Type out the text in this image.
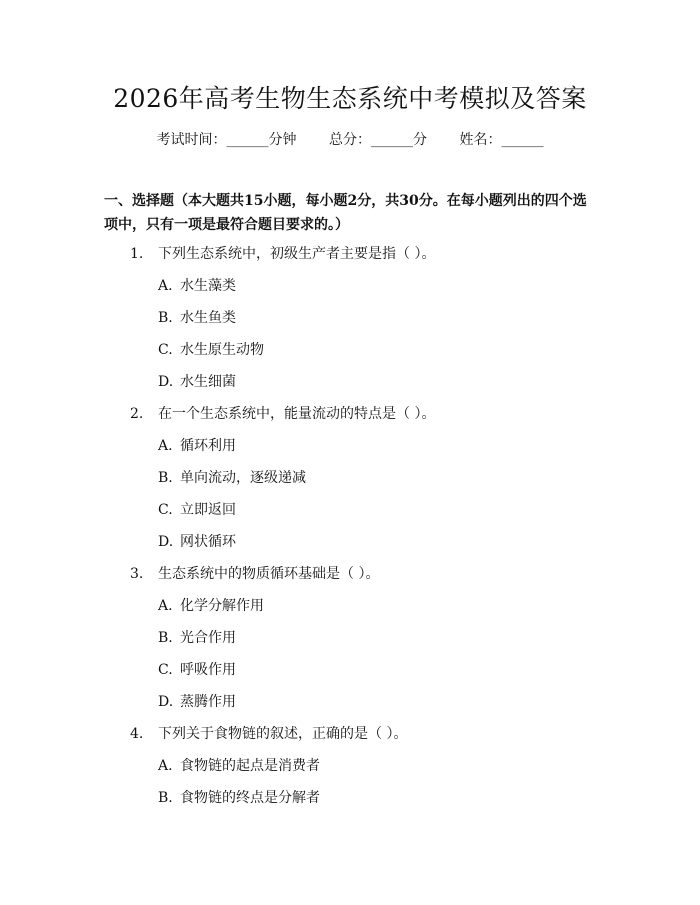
2026年高考生物生态系统中考模拟及答案
考试时间：______分钟 总分：______分 姓名：______
一、选择题（本大题共15小题，每小题2分，共30分。在每小题列出的四个选项中，只有一项是最符合题目要求的。）
1. 下列生态系统中，初级生产者主要是指（ ）。
A. 水生藻类
B. 水生鱼类
C. 水生原生动物
D. 水生细菌
2. 在一个生态系统中，能量流动的特点是（ ）。
A. 循环利用
B. 单向流动，逐级递减
C. 立即返回
D. 网状循环
3. 生态系统中的物质循环基础是（ ）。
A. 化学分解作用
B. 光合作用
C. 呼吸作用
D. 蒸腾作用
4. 下列关于食物链的叙述，正确的是（ ）。
A. 食物链的起点是消费者
B. 食物链的终点是分解者
